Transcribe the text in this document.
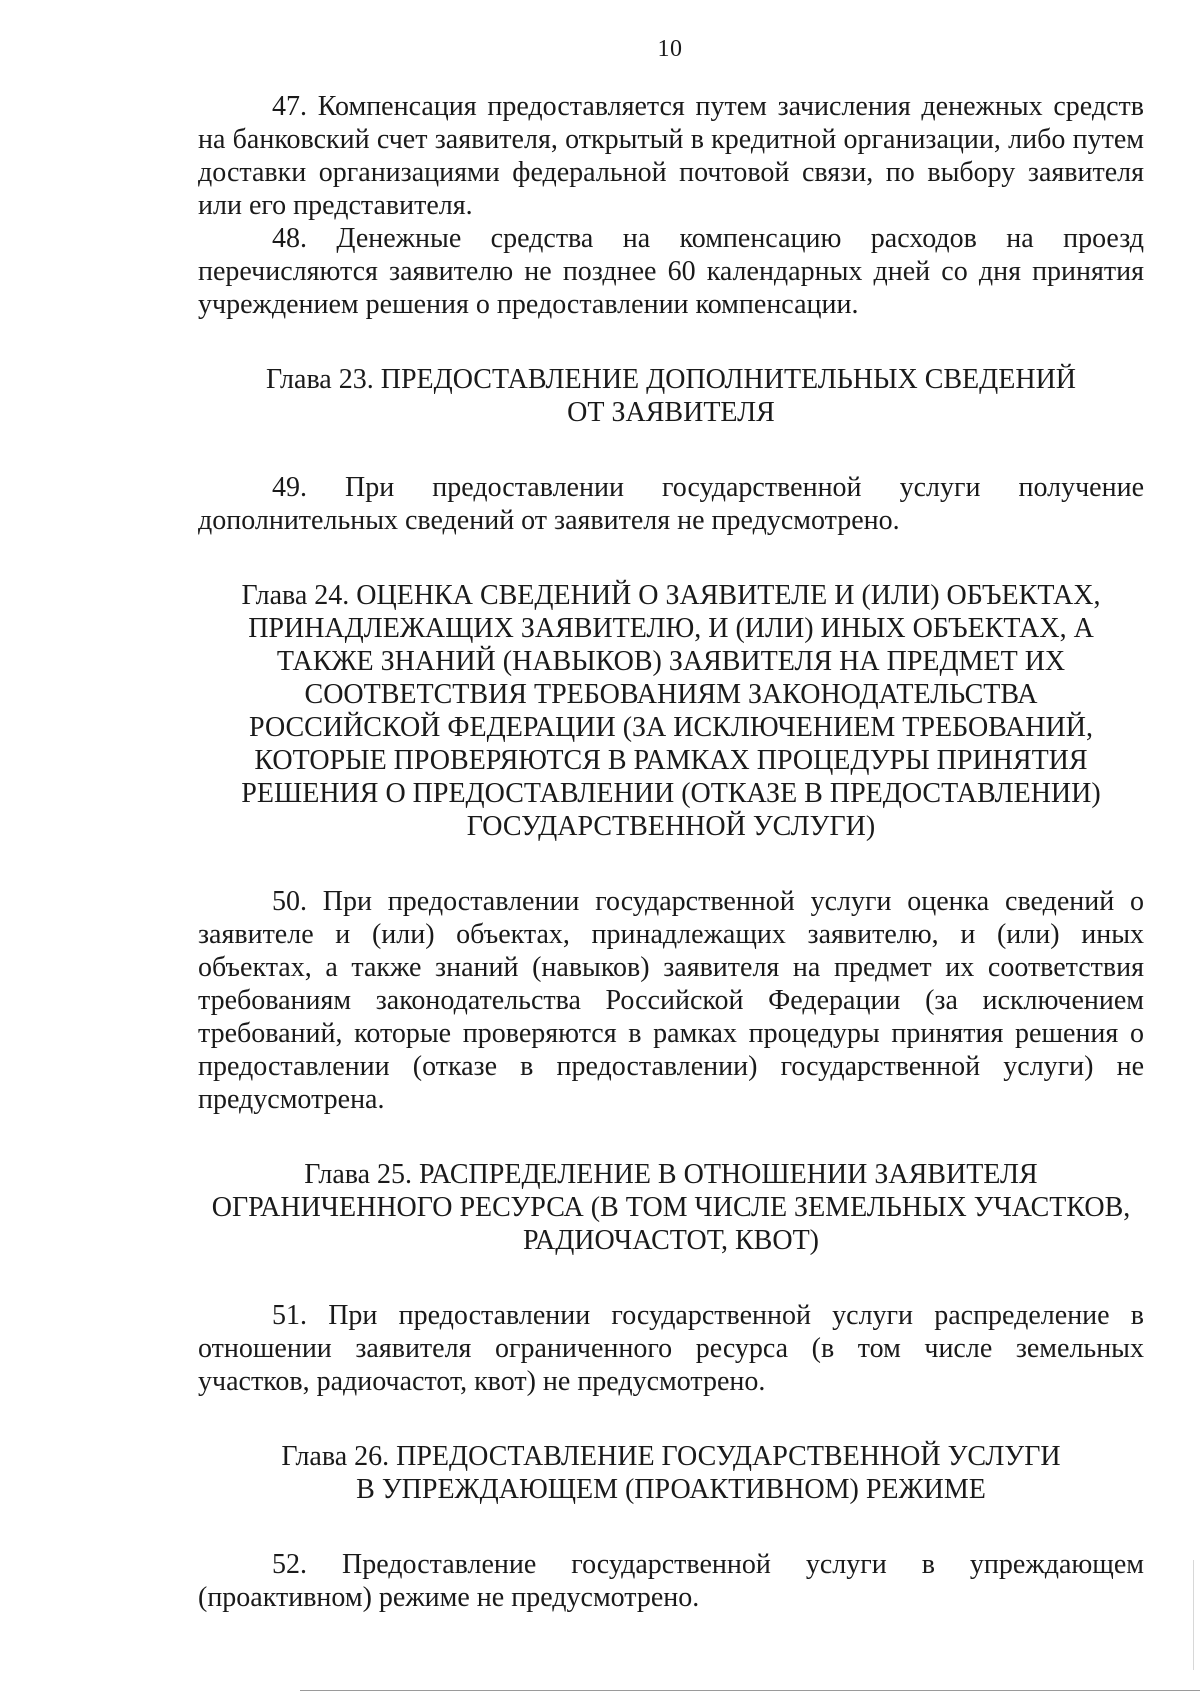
10

47. Компенсация предоставляется путем зачисления денежных средств на банковский счет заявителя, открытый в кредитной организации, либо путем доставки организациями федеральной почтовой связи, по выбору заявителя или его представителя.

48. Денежные средства на компенсацию расходов на проезд перечисляются заявителю не позднее 60 календарных дней со дня принятия учреждением решения о предоставлении компенсации.

Глава 23. ПРЕДОСТАВЛЕНИЕ ДОПОЛНИТЕЛЬНЫХ СВЕДЕНИЙ
ОТ ЗАЯВИТЕЛЯ

49. При предоставлении государственной услуги получение дополнительных сведений от заявителя не предусмотрено.

Глава 24. ОЦЕНКА СВЕДЕНИЙ О ЗАЯВИТЕЛЕ И (ИЛИ) ОБЪЕКТАХ,
ПРИНАДЛЕЖАЩИХ ЗАЯВИТЕЛЮ, И (ИЛИ) ИНЫХ ОБЪЕКТАХ, А
ТАКЖЕ ЗНАНИЙ (НАВЫКОВ) ЗАЯВИТЕЛЯ НА ПРЕДМЕТ ИХ
СООТВЕТСТВИЯ ТРЕБОВАНИЯМ ЗАКОНОДАТЕЛЬСТВА
РОССИЙСКОЙ ФЕДЕРАЦИИ (ЗА ИСКЛЮЧЕНИЕМ ТРЕБОВАНИЙ,
КОТОРЫЕ ПРОВЕРЯЮТСЯ В РАМКАХ ПРОЦЕДУРЫ ПРИНЯТИЯ
РЕШЕНИЯ О ПРЕДОСТАВЛЕНИИ (ОТКАЗЕ В ПРЕДОСТАВЛЕНИИ)
ГОСУДАРСТВЕННОЙ УСЛУГИ)

50. При предоставлении государственной услуги оценка сведений о заявителе и (или) объектах, принадлежащих заявителю, и (или) иных объектах, а также знаний (навыков) заявителя на предмет их соответствия требованиям законодательства Российской Федерации (за исключением требований, которые проверяются в рамках процедуры принятия решения о предоставлении (отказе в предоставлении) государственной услуги) не предусмотрена.

Глава 25. РАСПРЕДЕЛЕНИЕ В ОТНОШЕНИИ ЗАЯВИТЕЛЯ
ОГРАНИЧЕННОГО РЕСУРСА (В ТОМ ЧИСЛЕ ЗЕМЕЛЬНЫХ УЧАСТКОВ,
РАДИОЧАСТОТ, КВОТ)

51. При предоставлении государственной услуги распределение в отношении заявителя ограниченного ресурса (в том числе земельных участков, радиочастот, квот) не предусмотрено.

Глава 26. ПРЕДОСТАВЛЕНИЕ ГОСУДАРСТВЕННОЙ УСЛУГИ
В УПРЕЖДАЮЩЕМ (ПРОАКТИВНОМ) РЕЖИМЕ

52. Предоставление государственной услуги в упреждающем (проактивном) режиме не предусмотрено.
